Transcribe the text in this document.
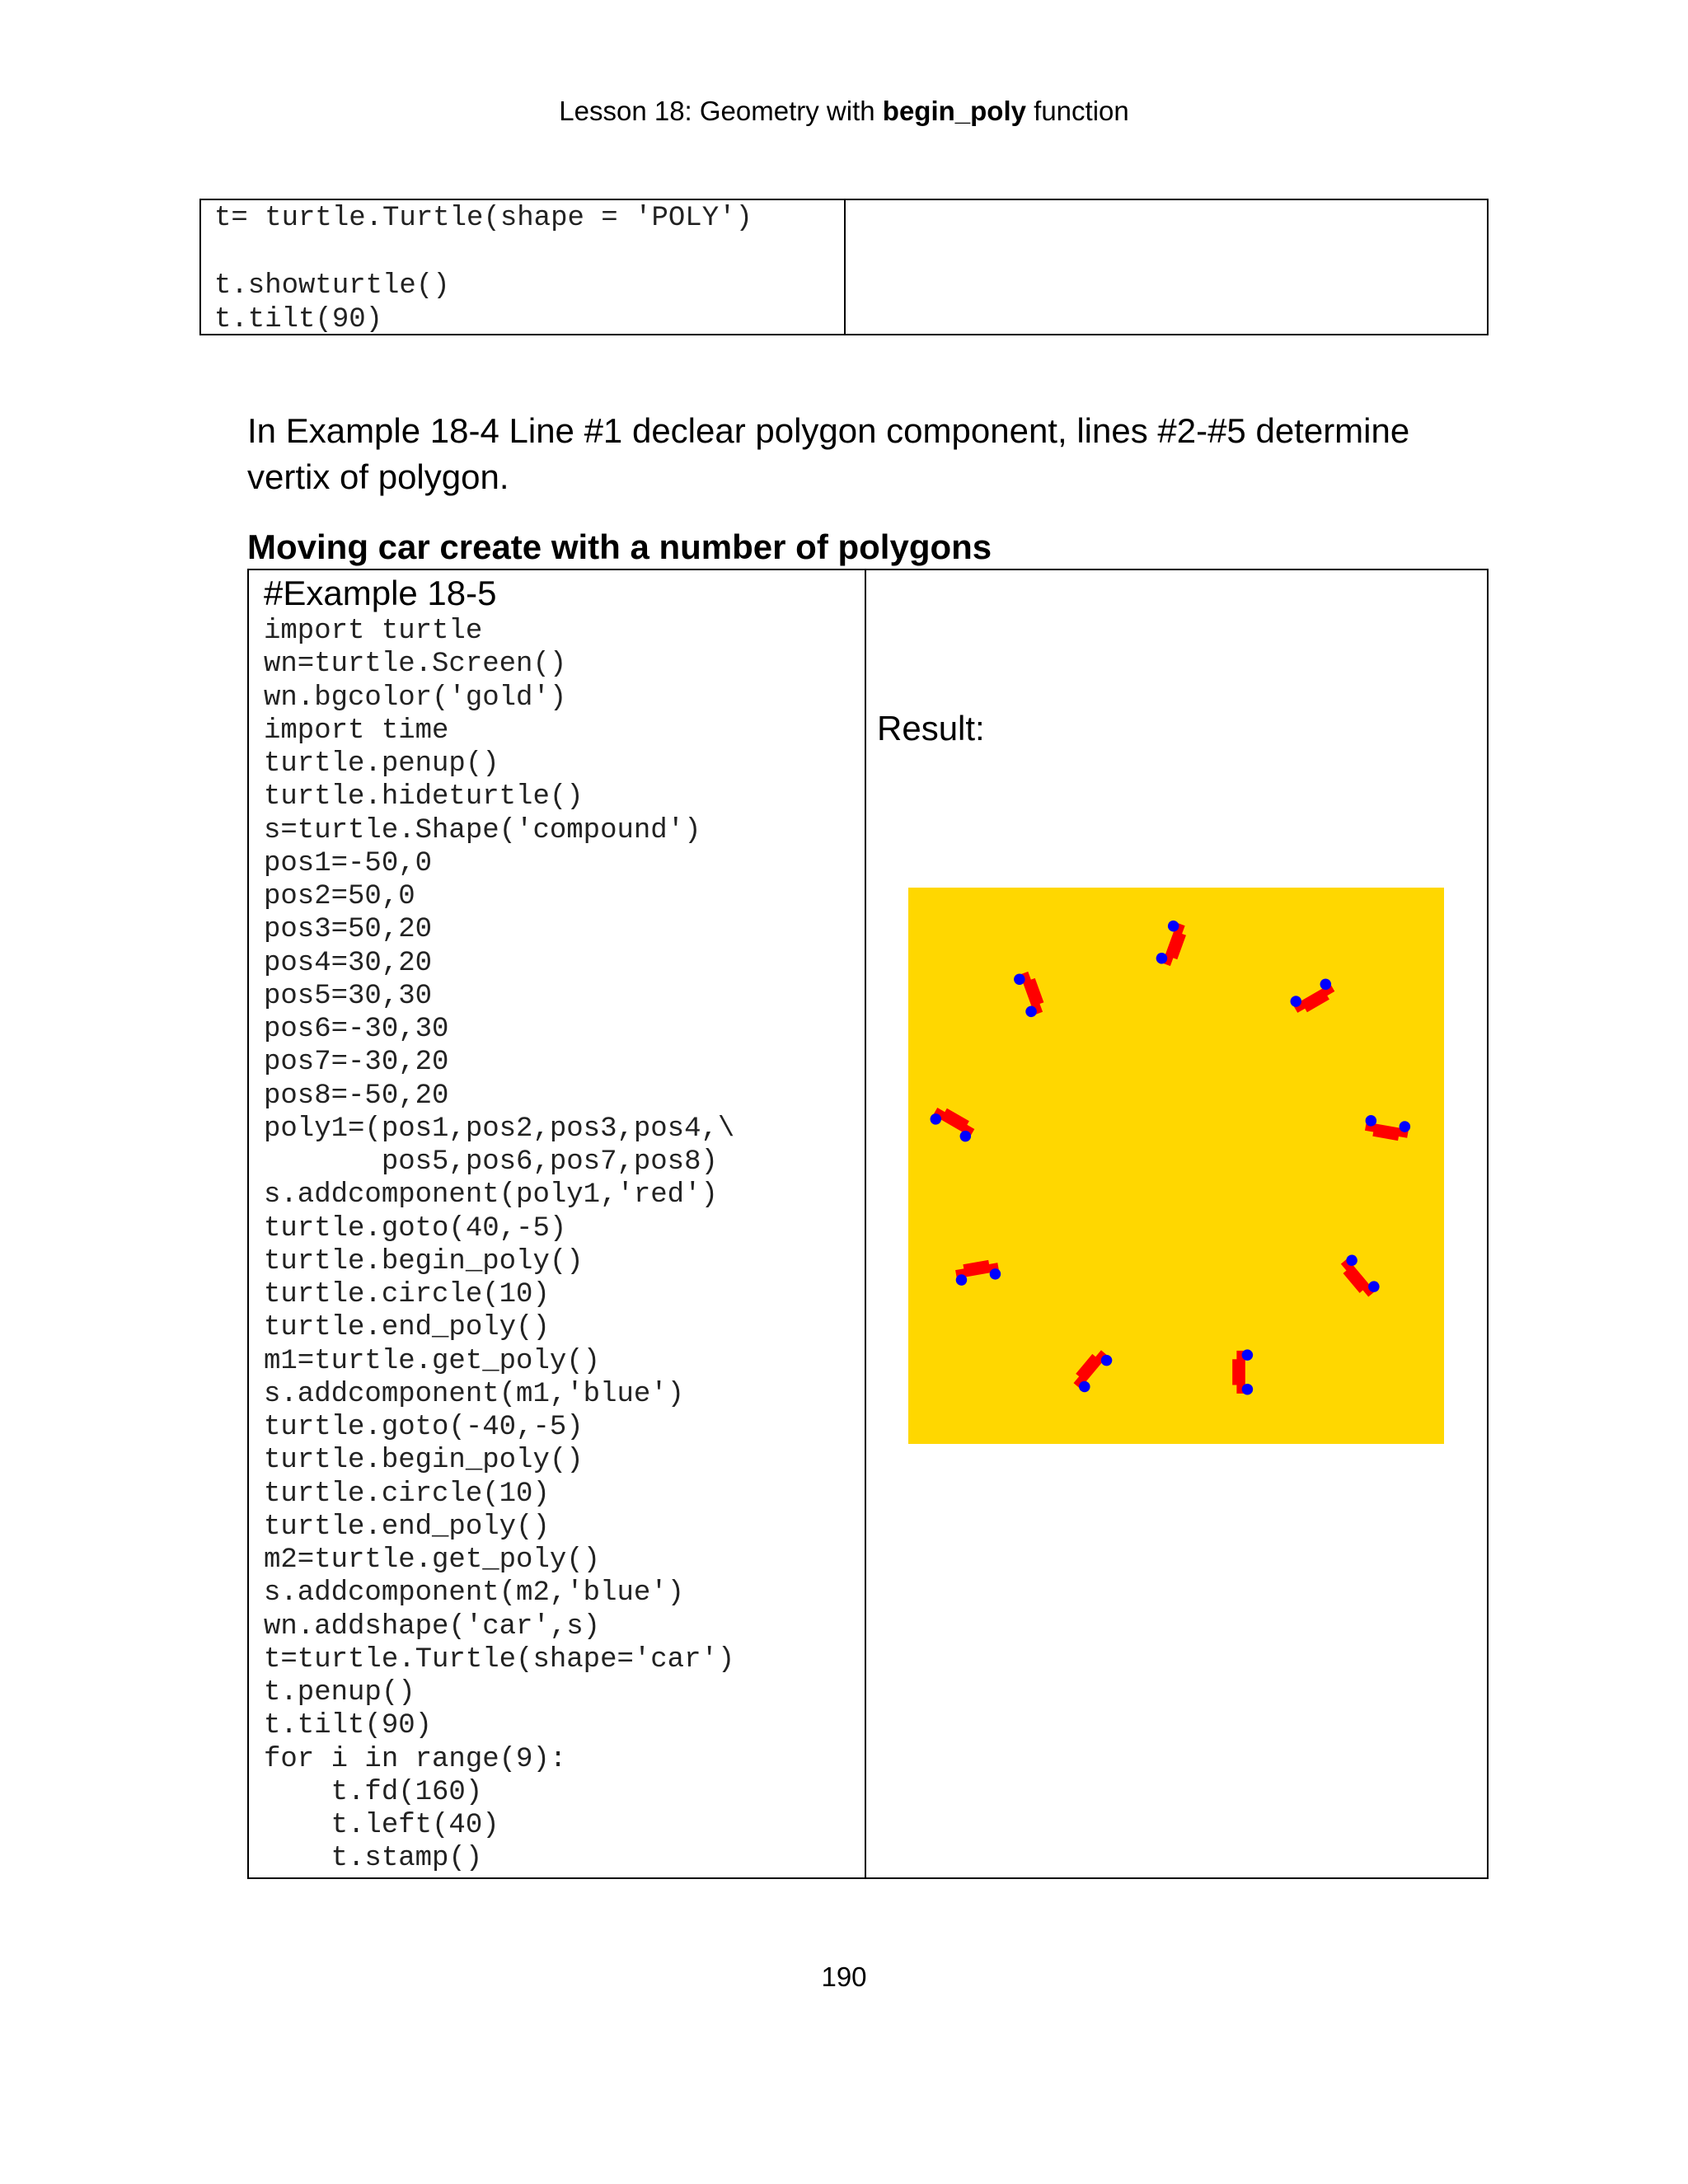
Lesson 18: Geometry with begin_poly function
t= turtle.Turtle(shape = 'POLY')

t.showturtle()
t.tilt(90)
In Example 18-4 Line #1 declear polygon component, lines #2-#5 determine vertix of polygon.
Moving car create with a number of polygons
#Example 18-5
import turtle
wn=turtle.Screen()
wn.bgcolor('gold')
import time
turtle.penup()
turtle.hideturtle()
s=turtle.Shape('compound')
pos1=-50,0
pos2=50,0
pos3=50,20
pos4=30,20
pos5=30,30
pos6=-30,30
pos7=-30,20
pos8=-50,20
poly1=(pos1,pos2,pos3,pos4,\
pos5,pos6,pos7,pos8)
s.addcomponent(poly1,'red')
turtle.goto(40,-5)
turtle.begin_poly()
turtle.circle(10)
turtle.end_poly()
m1=turtle.get_poly()
s.addcomponent(m1,'blue')
turtle.goto(-40,-5)
turtle.begin_poly()
turtle.circle(10)
turtle.end_poly()
m2=turtle.get_poly()
s.addcomponent(m2,'blue')
wn.addshape('car',s)
t=turtle.Turtle(shape='car')
t.penup()
t.tilt(90)
for i in range(9):
t.fd(160)
t.left(40)
t.stamp()
Result:
190
